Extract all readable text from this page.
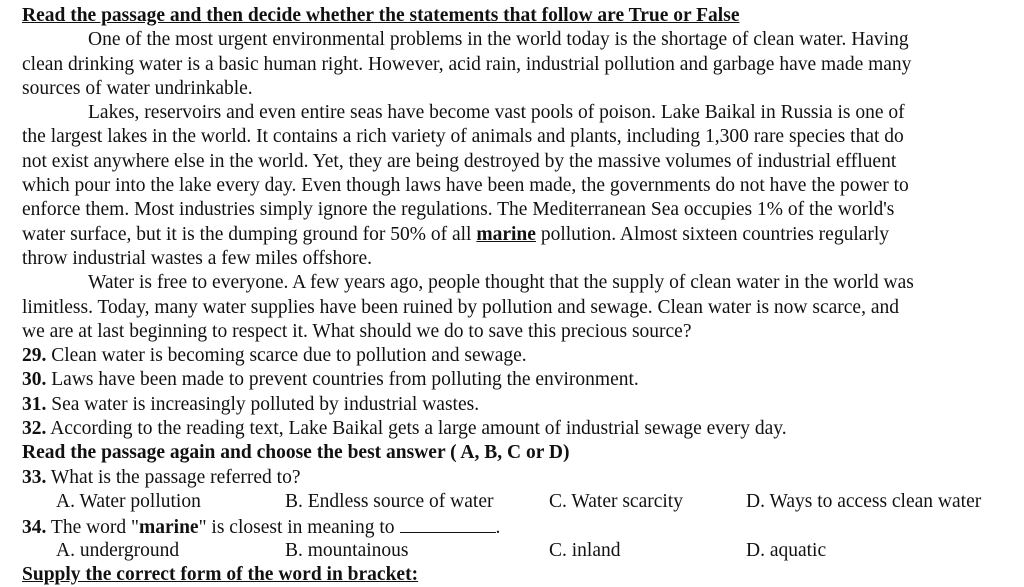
Read the passage and then decide whether the statements that follow are True or False
One of the most urgent environmental problems in the world today is the shortage of clean water. Having
clean drinking water is a basic human right. However, acid rain, industrial pollution and garbage have made many
sources of water undrinkable.
Lakes, reservoirs and even entire seas have become vast pools of poison. Lake Baikal in Russia is one of
the largest lakes in the world. It contains a rich variety of animals and plants, including 1,300 rare species that do
not exist anywhere else in the world. Yet, they are being destroyed by the massive volumes of industrial effluent
which pour into the lake every day. Even though laws have been made, the governments do not have the power to
enforce them. Most industries simply ignore the regulations. The Mediterranean Sea occupies 1% of the world's
water surface, but it is the dumping ground for 50% of all marine pollution. Almost sixteen countries regularly
throw industrial wastes a few miles offshore.
Water is free to everyone. A few years ago, people thought that the supply of clean water in the world was
limitless. Today, many water supplies have been ruined by pollution and sewage. Clean water is now scarce, and
we are at last beginning to respect it. What should we do to save this precious source?
29. Clean water is becoming scarce due to pollution and sewage.
30. Laws have been made to prevent countries from polluting the environment.
31. Sea water is increasingly polluted by industrial wastes.
32. According to the reading text, Lake Baikal gets a large amount of industrial sewage every day.
Read the passage again and choose the best answer ( A, B, C or D)
33. What is the passage referred to?
A. Water pollution	B. Endless source of water	C. Water scarcity	D. Ways to access clean water
34. The word "marine" is closest in meaning to	.
A. underground	B. mountainous	C. inland	D. aquatic
Supply the correct form of the word in bracket:
